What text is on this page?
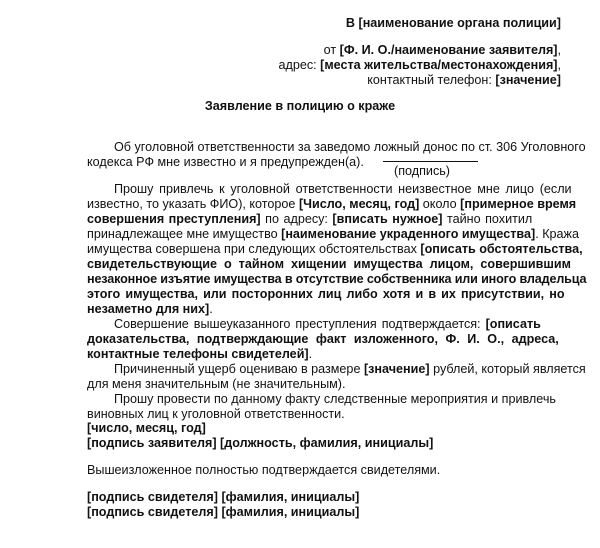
В [наименование органа полиции]
от [Ф. И. О./наименование заявителя],
адрес: [места жительства/местонахождения],
контактный телефон: [значение]
Заявление в полицию о краже
Об уголовной ответственности за заведомо ложный донос по ст. 306 Уголовного
кодекса РФ мне известно и я предупрежден(а).
(подпись)
Прошу привлечь к уголовной ответственности неизвестное мне лицо (если
известно, то указать ФИО), которое [Число, месяц, год] около [примерное время
совершения преступления] по адресу: [вписать нужное] тайно похитил
принадлежащее мне имущество [наименование украденного имущества]. Кража
имущества совершена при следующих обстоятельствах [описать обстоятельства,
свидетельствующие о тайном хищении имущества лицом, совершившим
незаконное изъятие имущества в отсутствие собственника или иного владельца
этого имущества, или посторонних лиц либо хотя и в их присутствии, но
незаметно для них].
Совершение вышеуказанного преступления подтверждается: [описать
доказательства, подтверждающие факт изложенного, Ф. И. О., адреса,
контактные телефоны свидетелей].
Причиненный ущерб оцениваю в размере [значение] рублей, который является
для меня значительным (не значительным).
Прошу провести по данному факту следственные мероприятия и привлечь
виновных лиц к уголовной ответственности.
[число, месяц, год]
[подпись заявителя] [должность, фамилия, инициалы]
Вышеизложенное полностью подтверждается свидетелями.
[подпись свидетеля] [фамилия, инициалы]
[подпись свидетеля] [фамилия, инициалы]
